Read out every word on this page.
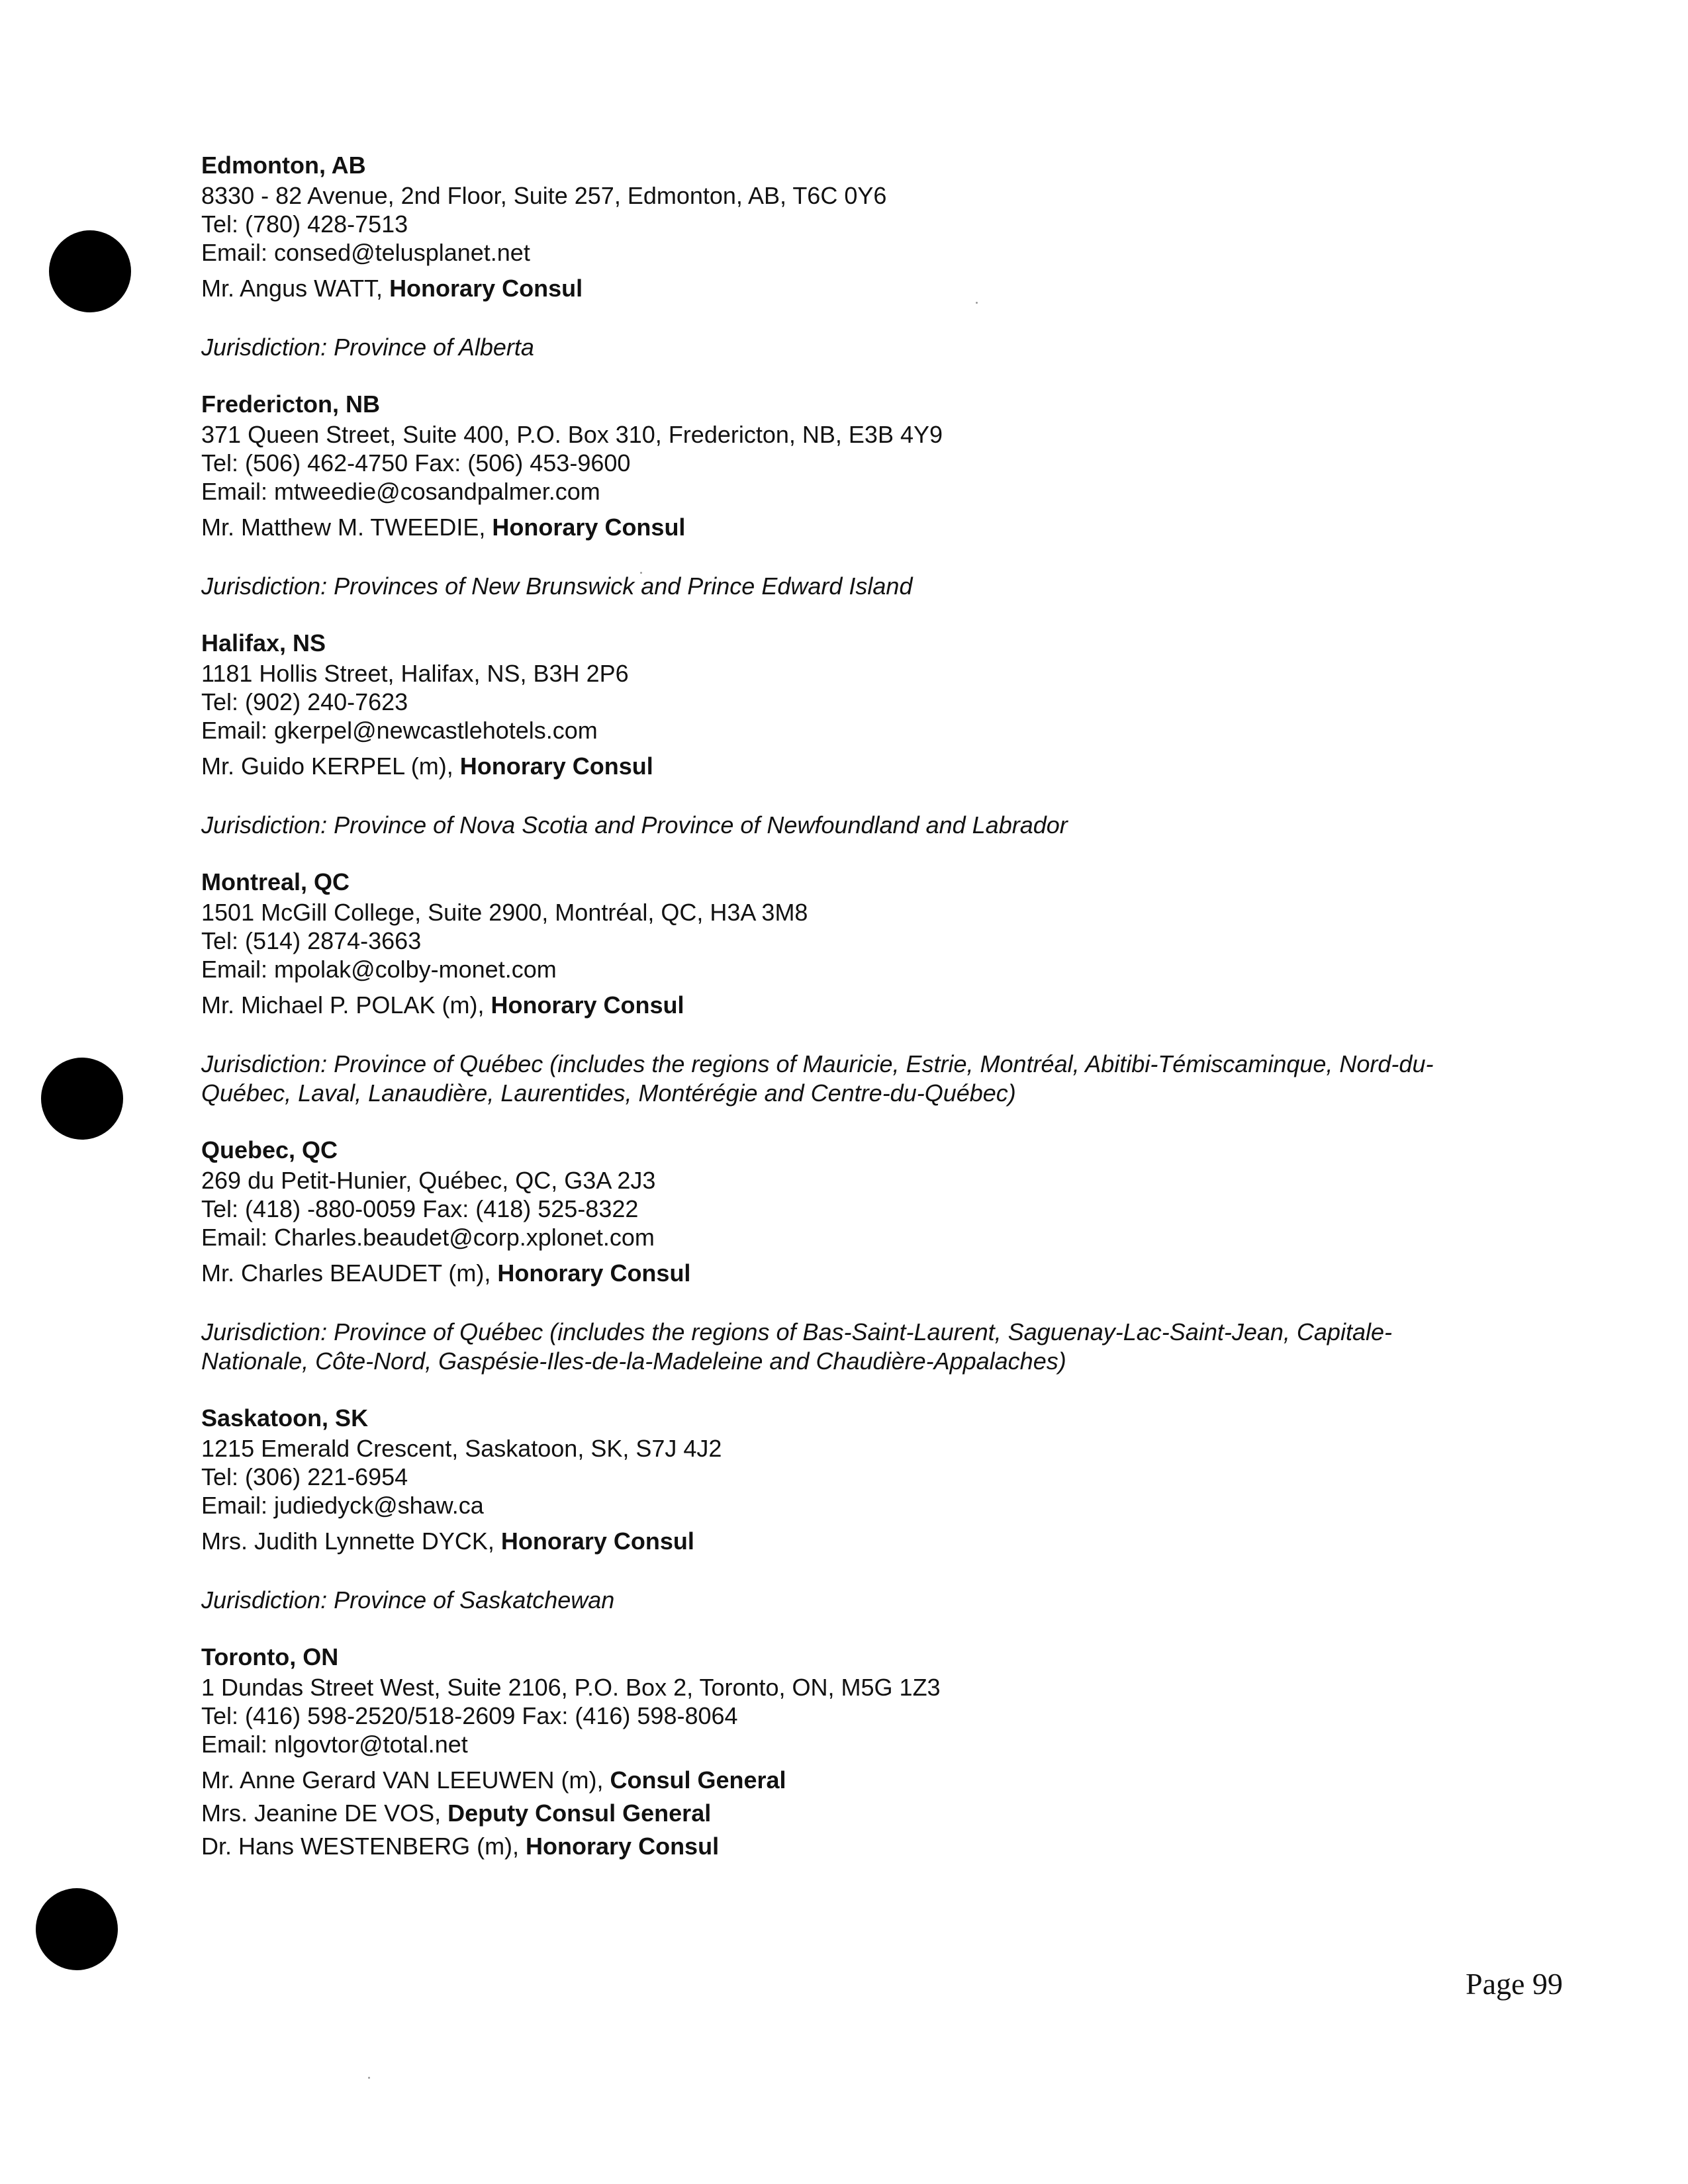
Edmonton, AB
8330 - 82 Avenue, 2nd Floor, Suite 257, Edmonton, AB, T6C 0Y6
Tel: (780) 428-7513
Email: consed@telusplanet.net
Mr. Angus WATT, Honorary Consul
Jurisdiction: Province of Alberta
Fredericton, NB
371 Queen Street, Suite 400, P.O. Box 310, Fredericton, NB, E3B 4Y9
Tel: (506) 462-4750 Fax: (506) 453-9600
Email: mtweedie@cosandpalmer.com
Mr. Matthew M. TWEEDIE, Honorary Consul
Jurisdiction: Provinces of New Brunswick and Prince Edward Island
Halifax, NS
1181 Hollis Street, Halifax, NS, B3H 2P6
Tel: (902) 240-7623
Email: gkerpel@newcastlehotels.com
Mr. Guido KERPEL (m), Honorary Consul
Jurisdiction: Province of Nova Scotia and Province of Newfoundland and Labrador
Montreal, QC
1501 McGill College, Suite 2900, Montréal, QC, H3A 3M8
Tel: (514) 2874-3663
Email: mpolak@colby-monet.com
Mr. Michael P. POLAK (m), Honorary Consul
Jurisdiction: Province of Québec (includes the regions of Mauricie, Estrie, Montréal, Abitibi-Témiscaminque, Nord-du-
Québec, Laval, Lanaudière, Laurentides, Montérégie and Centre-du-Québec)
Quebec, QC
269 du Petit-Hunier, Québec, QC, G3A 2J3
Tel: (418) -880-0059 Fax: (418) 525-8322
Email: Charles.beaudet@corp.xplonet.com
Mr. Charles BEAUDET (m), Honorary Consul
Jurisdiction: Province of Québec (includes the regions of Bas-Saint-Laurent, Saguenay-Lac-Saint-Jean, Capitale-
Nationale, Côte-Nord, Gaspésie-Iles-de-la-Madeleine and Chaudière-Appalaches)
Saskatoon, SK
1215 Emerald Crescent, Saskatoon, SK, S7J 4J2
Tel: (306) 221-6954
Email: judiedyck@shaw.ca
Mrs. Judith Lynnette DYCK, Honorary Consul
Jurisdiction: Province of Saskatchewan
Toronto, ON
1 Dundas Street West, Suite 2106, P.O. Box 2, Toronto, ON, M5G 1Z3
Tel: (416) 598-2520/518-2609 Fax: (416) 598-8064
Email: nlgovtor@total.net
Mr. Anne Gerard VAN LEEUWEN (m), Consul General
Mrs. Jeanine DE VOS, Deputy Consul General
Dr. Hans WESTENBERG (m), Honorary Consul
Page 99
